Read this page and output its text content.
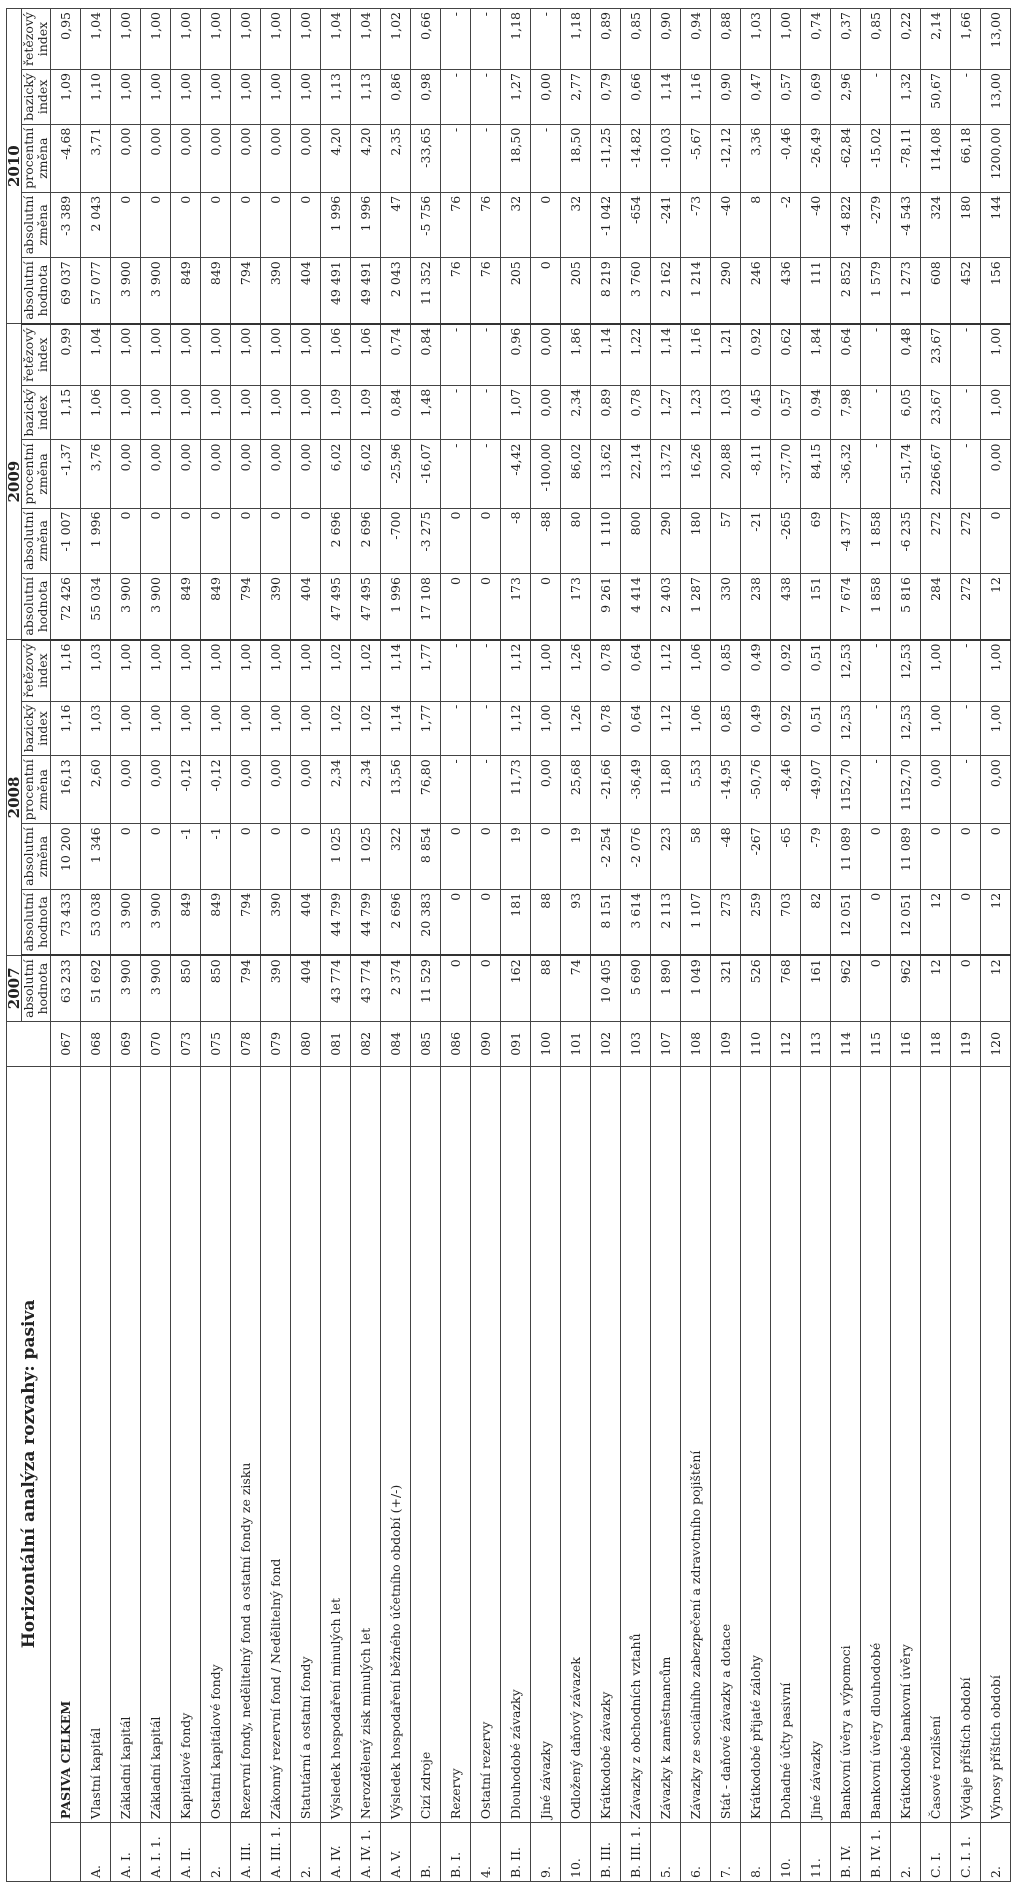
Horizontální analýza rozvahy: pasiva			2007	2008					2009					2010				
			absolutní hodnota	absolutní hodnota	absolutní změna	procentní změna	bazický index	řetězový index	absolutní hodnota	absolutní změna	procentní změna	bazický index	řetězový index	absolutní hodnota	absolutní změna	procentní změna	bazický index	řetězový index
	PASIVA CELKEM	067	63 233	73 433	10 200	16,13	1,16	1,16	72 426	-1 007	-1,37	1,15	0,99	69 037	-3 389	-4,68	1,09	0,95
A.	Vlastní kapitál	068	51 692	53 038	1 346	2,60	1,03	1,03	55 034	1 996	3,76	1,06	1,04	57 077	2 043	3,71	1,10	1,04
A. I.	Základní kapitál	069	3 900	3 900	0	0,00	1,00	1,00	3 900	0	0,00	1,00	1,00	3 900	0	0,00	1,00	1,00
A. I. 1.	Základní kapitál	070	3 900	3 900	0	0,00	1,00	1,00	3 900	0	0,00	1,00	1,00	3 900	0	0,00	1,00	1,00
A. II.	Kapitálové fondy	073	850	849	-1	-0,12	1,00	1,00	849	0	0,00	1,00	1,00	849	0	0,00	1,00	1,00
2.	Ostatní kapitálové fondy	075	850	849	-1	-0,12	1,00	1,00	849	0	0,00	1,00	1,00	849	0	0,00	1,00	1,00
A. III.	Rezervní fondy, nedělitelný fond a ostatní fondy ze zisku	078	794	794	0	0,00	1,00	1,00	794	0	0,00	1,00	1,00	794	0	0,00	1,00	1,00
A. III. 1.	Zákonný rezervní fond / Nedělitelný fond	079	390	390	0	0,00	1,00	1,00	390	0	0,00	1,00	1,00	390	0	0,00	1,00	1,00
2.	Statutární a ostatní fondy	080	404	404	0	0,00	1,00	1,00	404	0	0,00	1,00	1,00	404	0	0,00	1,00	1,00
A. IV.	Výsledek hospodaření minulých let	081	43 774	44 799	1 025	2,34	1,02	1,02	47 495	2 696	6,02	1,09	1,06	49 491	1 996	4,20	1,13	1,04
A. IV. 1.	Nerozdělený zisk minulých let	082	43 774	44 799	1 025	2,34	1,02	1,02	47 495	2 696	6,02	1,09	1,06	49 491	1 996	4,20	1,13	1,04
A. V.	Výsledek hospodaření běžného účetního období (+/-)	084	2 374	2 696	322	13,56	1,14	1,14	1 996	-700	-25,96	0,84	0,74	2 043	47	2,35	0,86	1,02
B.	Cizí zdroje	085	11 529	20 383	8 854	76,80	1,77	1,77	17 108	-3 275	-16,07	1,48	0,84	11 352	-5 756	-33,65	0,98	0,66
B. I.	Rezervy	086	0	0	0	-	-	-	0	0	-	-	-	76	76	-	-	-
4.	Ostatní rezervy	090	0	0	0	-	-	-	0	0	-	-	-	76	76	-	-	-
B. II.	Dlouhodobé závazky	091	162	181	19	11,73	1,12	1,12	173	-8	-4,42	1,07	0,96	205	32	18,50	1,27	1,18
9.	Jiné závazky	100	88	88	0	0,00	1,00	1,00	0	-88	-100,00	0,00	0,00	0	0	-	0,00	-
10.	Odložený daňový závazek	101	74	93	19	25,68	1,26	1,26	173	80	86,02	2,34	1,86	205	32	18,50	2,77	1,18
B. III.	Krátkodobé závazky	102	10 405	8 151	-2 254	-21,66	0,78	0,78	9 261	1 110	13,62	0,89	1,14	8 219	-1 042	-11,25	0,79	0,89
B. III. 1.	Závazky z obchodních vztahů	103	5 690	3 614	-2 076	-36,49	0,64	0,64	4 414	800	22,14	0,78	1,22	3 760	-654	-14,82	0,66	0,85
5.	Závazky k zaměstnancům	107	1 890	2 113	223	11,80	1,12	1,12	2 403	290	13,72	1,27	1,14	2 162	-241	-10,03	1,14	0,90
6.	Závazky ze sociálního zabezpečení a zdravotního pojištění	108	1 049	1 107	58	5,53	1,06	1,06	1 287	180	16,26	1,23	1,16	1 214	-73	-5,67	1,16	0,94
7.	Stát - daňové závazky a dotace	109	321	273	-48	-14,95	0,85	0,85	330	57	20,88	1,03	1,21	290	-40	-12,12	0,90	0,88
8.	Krátkodobé přijaté zálohy	110	526	259	-267	-50,76	0,49	0,49	238	-21	-8,11	0,45	0,92	246	8	3,36	0,47	1,03
10.	Dohadné účty pasivní	112	768	703	-65	-8,46	0,92	0,92	438	-265	-37,70	0,57	0,62	436	-2	-0,46	0,57	1,00
11.	Jiné závazky	113	161	82	-79	-49,07	0,51	0,51	151	69	84,15	0,94	1,84	111	-40	-26,49	0,69	0,74
B. IV.	Bankovní úvěry a výpomoci	114	962	12 051	11 089	1152,70	12,53	12,53	7 674	-4 377	-36,32	7,98	0,64	2 852	-4 822	-62,84	2,96	0,37
B. IV. 1.	Bankovní úvěry dlouhodobé	115	0	0	0	-	-	-	1 858	1 858	-	-	-	1 579	-279	-15,02	-	0,85
2.	Krátkodobé bankovní úvěry	116	962	12 051	11 089	1152,70	12,53	12,53	5 816	-6 235	-51,74	6,05	0,48	1 273	-4 543	-78,11	1,32	0,22
C. I.	Časové rozlišení	118	12	12	0	0,00	1,00	1,00	284	272	2266,67	23,67	23,67	608	324	114,08	50,67	2,14
C. I. 1.	Výdaje příštích období	119	0	0	0	-	-	-	272	272	-	-	-	452	180	66,18	-	1,66
2.	Výnosy příštích období	120	12	12	0	0,00	1,00	1,00	12	0	0,00	1,00	1,00	156	144	1200,00	13,00	13,00
